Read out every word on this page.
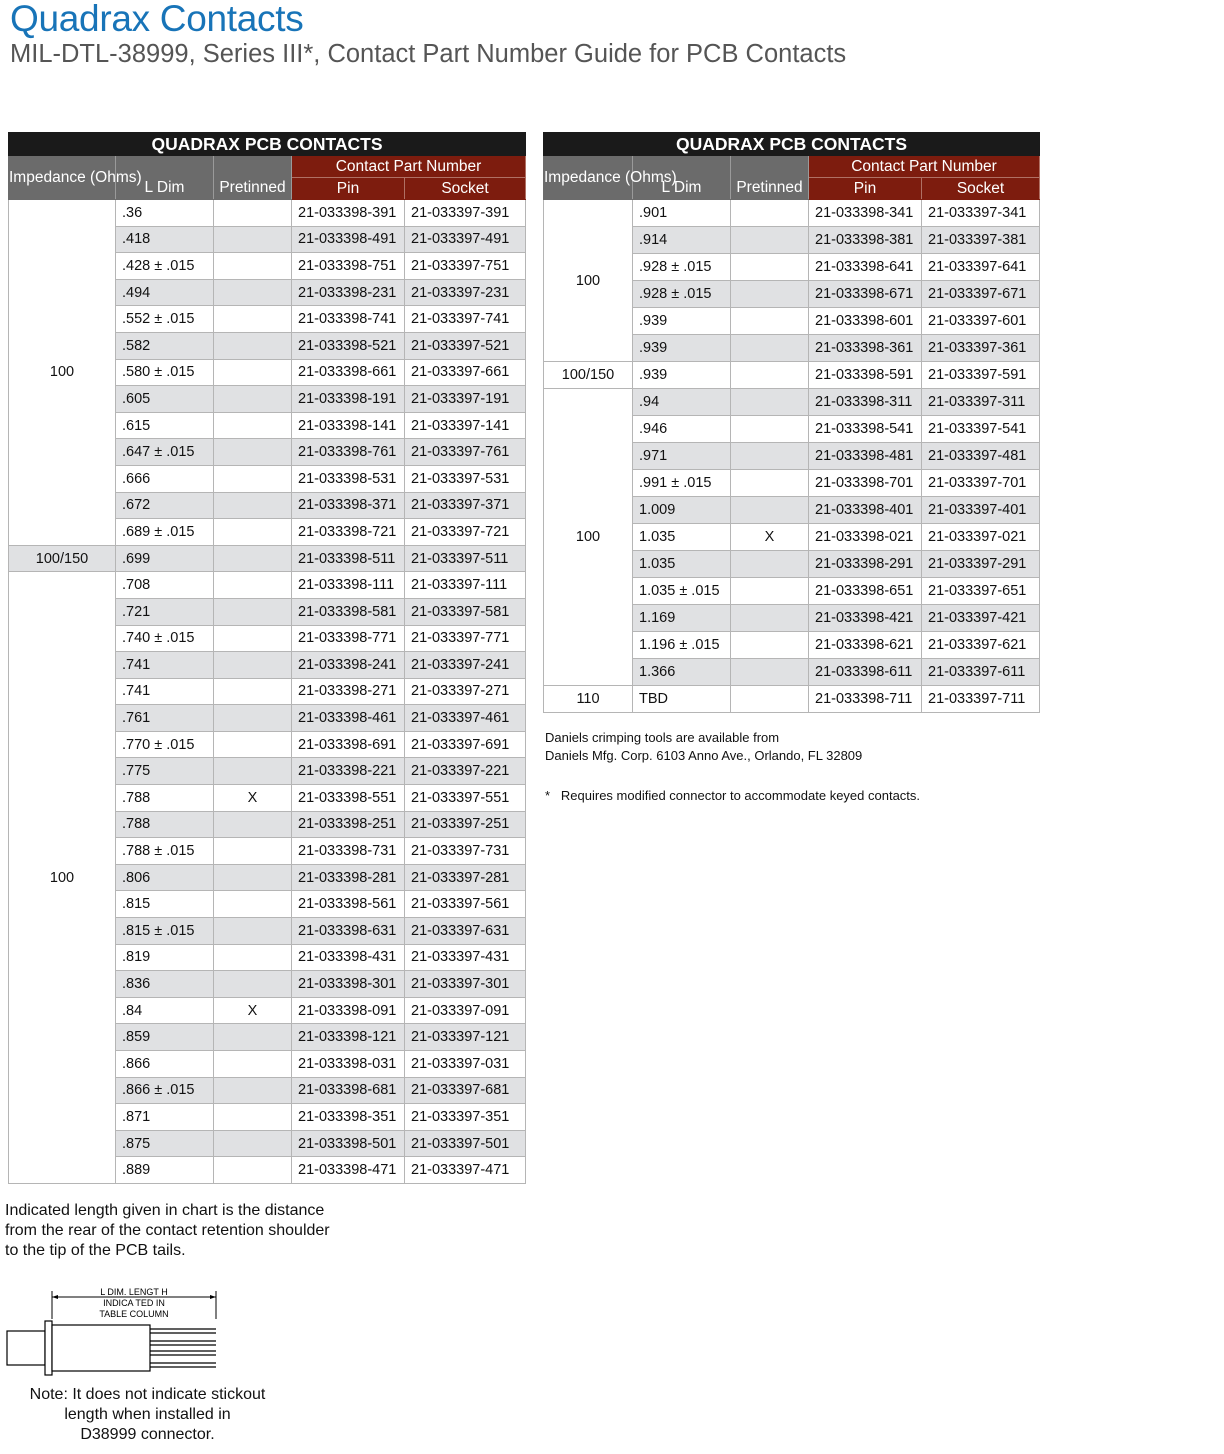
Quadrax Contacts
MIL-DTL-38999, Series III*, Contact Part Number Guide for PCB Contacts
QUADRAX PCB CONTACTS				
Impedance (Ohms)	L Dim	Pretinned	Contact Part Number	
			Pin	Socket
100	.36		21-033398-391	21-033397-391
	.418		21-033398-491	21-033397-491
	.428 ± .015		21-033398-751	21-033397-751
	.494		21-033398-231	21-033397-231
	.552 ± .015		21-033398-741	21-033397-741
	.582		21-033398-521	21-033397-521
	.580 ± .015		21-033398-661	21-033397-661
	.605		21-033398-191	21-033397-191
	.615		21-033398-141	21-033397-141
	.647 ± .015		21-033398-761	21-033397-761
	.666		21-033398-531	21-033397-531
	.672		21-033398-371	21-033397-371
	.689 ± .015		21-033398-721	21-033397-721
100/150	.699		21-033398-511	21-033397-511
100	.708		21-033398-111	21-033397-111
	.721		21-033398-581	21-033397-581
	.740 ± .015		21-033398-771	21-033397-771
	.741		21-033398-241	21-033397-241
	.741		21-033398-271	21-033397-271
	.761		21-033398-461	21-033397-461
	.770 ± .015		21-033398-691	21-033397-691
	.775		21-033398-221	21-033397-221
	.788	X	21-033398-551	21-033397-551
	.788		21-033398-251	21-033397-251
	.788 ± .015		21-033398-731	21-033397-731
	.806		21-033398-281	21-033397-281
	.815		21-033398-561	21-033397-561
	.815 ± .015		21-033398-631	21-033397-631
	.819		21-033398-431	21-033397-431
	.836		21-033398-301	21-033397-301
	.84	X	21-033398-091	21-033397-091
	.859		21-033398-121	21-033397-121
	.866		21-033398-031	21-033397-031
	.866 ± .015		21-033398-681	21-033397-681
	.871		21-033398-351	21-033397-351
	.875		21-033398-501	21-033397-501
	.889		21-033398-471	21-033397-471
QUADRAX PCB CONTACTS				
Impedance (Ohms)	L Dim	Pretinned	Contact Part Number	
			Pin	Socket
100	.901		21-033398-341	21-033397-341
	.914		21-033398-381	21-033397-381
	.928 ± .015		21-033398-641	21-033397-641
	.928 ± .015		21-033398-671	21-033397-671
	.939		21-033398-601	21-033397-601
	.939		21-033398-361	21-033397-361
100/150	.939		21-033398-591	21-033397-591
100	.94		21-033398-311	21-033397-311
	.946		21-033398-541	21-033397-541
	.971		21-033398-481	21-033397-481
	.991 ± .015		21-033398-701	21-033397-701
	1.009		21-033398-401	21-033397-401
	1.035	X	21-033398-021	21-033397-021
	1.035		21-033398-291	21-033397-291
	1.035 ± .015		21-033398-651	21-033397-651
	1.169		21-033398-421	21-033397-421
	1.196 ± .015		21-033398-621	21-033397-621
	1.366		21-033398-611	21-033397-611
110	TBD		21-033398-711	21-033397-711
Daniels crimping tools are available from
Daniels Mfg. Corp. 6103 Anno Ave., Orlando, FL 32809
*   Requires modified connector to accommodate keyed contacts.
Indicated length given in chart is the distance
from the rear of the contact retention shoulder
to the tip of the PCB tails.
L DIM. LENGT H
INDICA TED IN
TABLE COLUMN
Note: It does not indicate stickout
length when installed in
D38999 connector.
